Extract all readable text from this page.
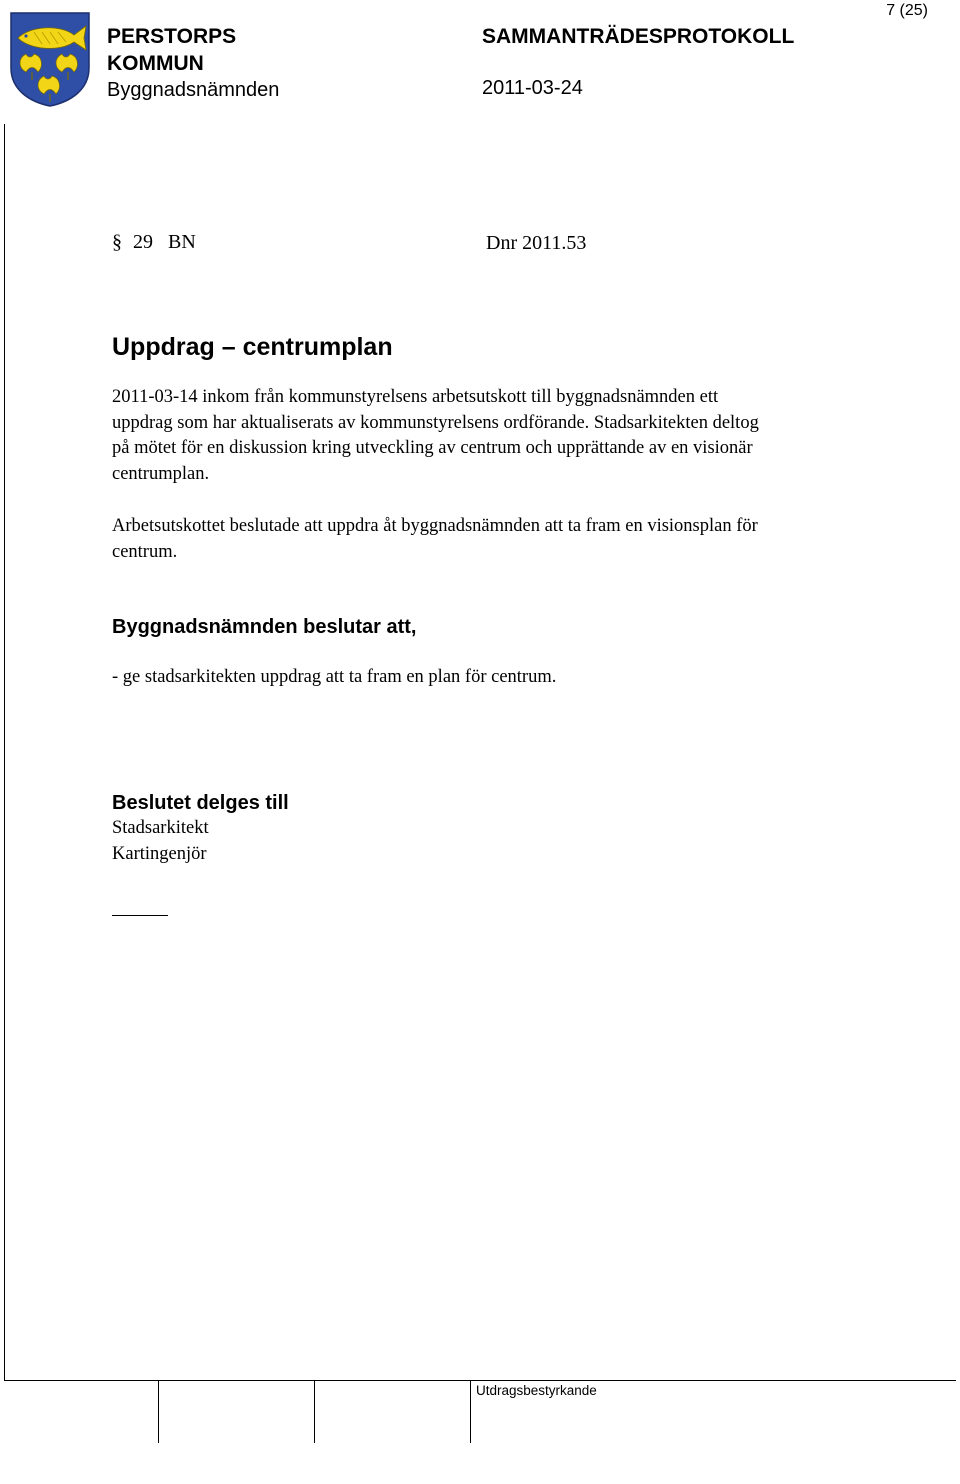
7 (25)
PERSTORPS
KOMMUN
Byggnadsnämnden
SAMMANTRÄDESPROTOKOLL
2011-03-24
§ 29 BN	Dnr 2011.53
Uppdrag – centrumplan
2011-03-14 inkom från kommunstyrelsens arbetsutskott till byggnadsnämnden ett
uppdrag som har aktualiserats av kommunstyrelsens ordförande. Stadsarkitekten deltog
på mötet för en diskussion kring utveckling av centrum och upprättande av en visionär
centrumplan.
Arbetsutskottet beslutade att uppdra åt byggnadsnämnden att ta fram en visionsplan för
centrum.
Byggnadsnämnden beslutar att,
- ge stadsarkitekten uppdrag att ta fram en plan för centrum.
Beslutet delges till
Stadsarkitekt
Kartingenjör
Utdragsbestyrkande
